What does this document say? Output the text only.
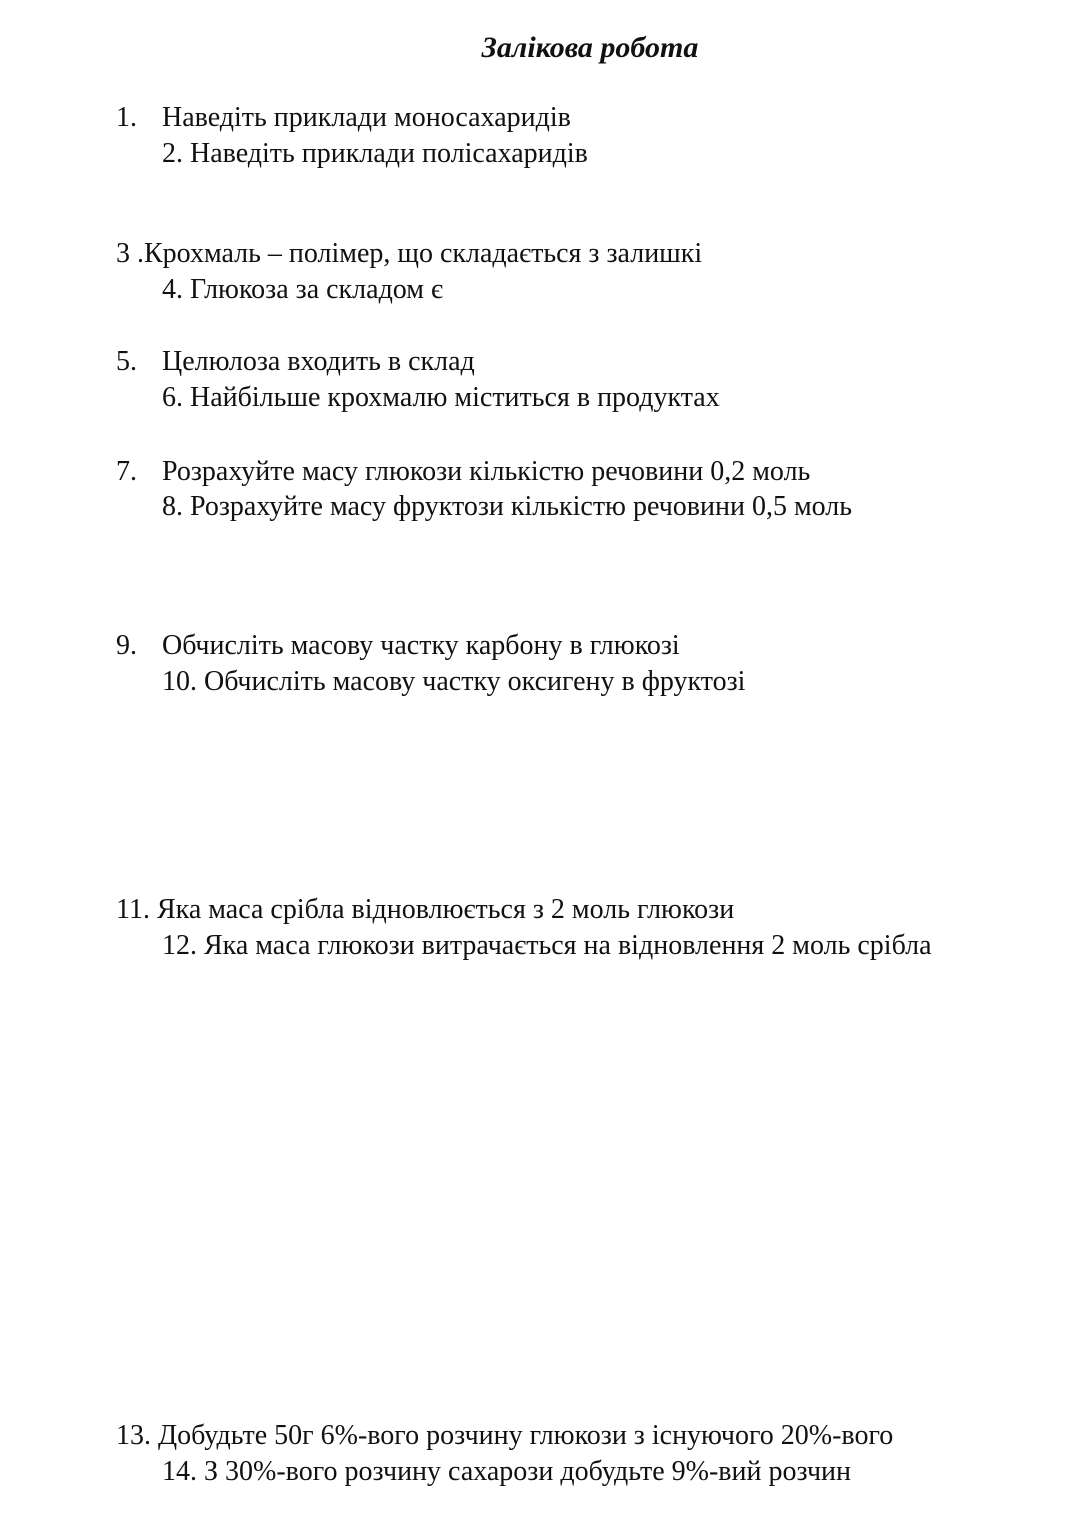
Залікова робота
1. Наведіть приклади моносахаридів
2. Наведіть приклади полісахаридів
3 .Крохмаль – полімер, що складається з залишкі
4. Глюкоза за складом є
5. Целюлоза входить в склад
6. Найбільше крохмалю міститься в продуктах
7. Розрахуйте масу глюкози кількістю речовини 0,2 моль
8. Розрахуйте масу фруктози кількістю речовини 0,5 моль
9. Обчисліть масову частку карбону в глюкозі
10. Обчисліть масову частку оксигену в фруктозі
11. Яка маса срібла відновлюється з 2 моль глюкози
12. Яка маса глюкози витрачається на відновлення 2 моль срібла
13. Добудьте 50г 6%-вого розчину глюкози з існуючого 20%-вого
14. З 30%-вого розчину сахарози добудьте 9%-вий розчин
